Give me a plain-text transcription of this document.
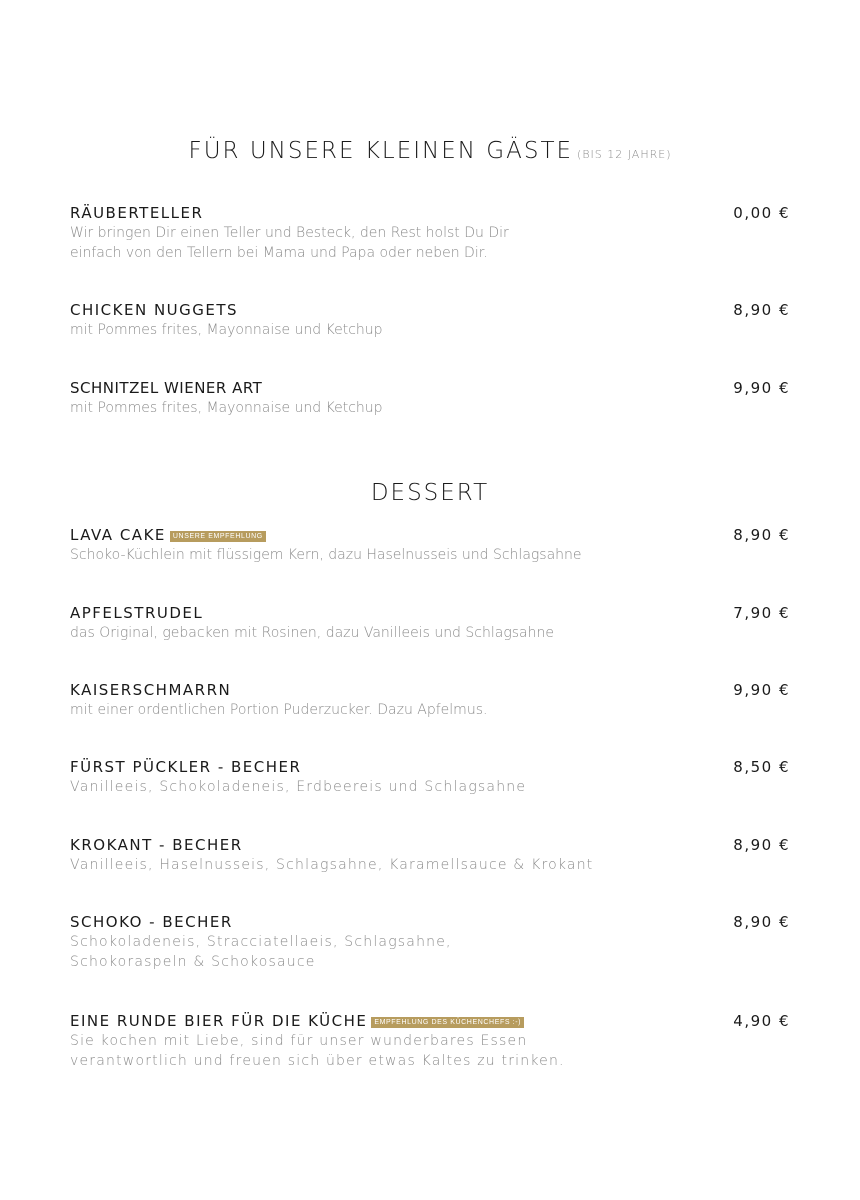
FÜR UNSERE KLEINEN GÄSTE (BIS 12 JAHRE)
RÄUBERTELLER
Wir bringen Dir einen Teller und Besteck, den Rest holst Du Dir
einfach von den Tellern bei Mama und Papa oder neben Dir.
0,00 €
CHICKEN NUGGETS
mit Pommes frites, Mayonnaise und Ketchup
8,90 €
SCHNITZEL WIENER ART
mit Pommes frites, Mayonnaise und Ketchup
9,90 €
DESSERT
LAVA CAKE UNSERE EMPFEHLUNG
Schoko-Küchlein mit flüssigem Kern, dazu Haselnusseis und Schlagsahne
8,90 €
APFELSTRUDEL
das Original, gebacken mit Rosinen, dazu Vanilleeis und Schlagsahne
7,90 €
KAISERSCHMARRN
mit einer ordentlichen Portion Puderzucker. Dazu Apfelmus.
9,90 €
FÜRST PÜCKLER - BECHER
Vanilleeis, Schokoladeneis, Erdbeereis und Schlagsahne
8,50 €
KROKANT - BECHER
Vanilleeis, Haselnusseis, Schlagsahne, Karamellsauce & Krokant
8,90 €
SCHOKO - BECHER
Schokoladeneis, Stracciatellaeis, Schlagsahne,
Schokoraspeln & Schokosauce
8,90 €
EINE RUNDE BIER FÜR DIE KÜCHE EMPFEHLUNG DES KÜCHENCHEFS :-)
Sie kochen mit Liebe, sind für unser wunderbares Essen
verantwortlich und freuen sich über etwas Kaltes zu trinken.
4,90 €
